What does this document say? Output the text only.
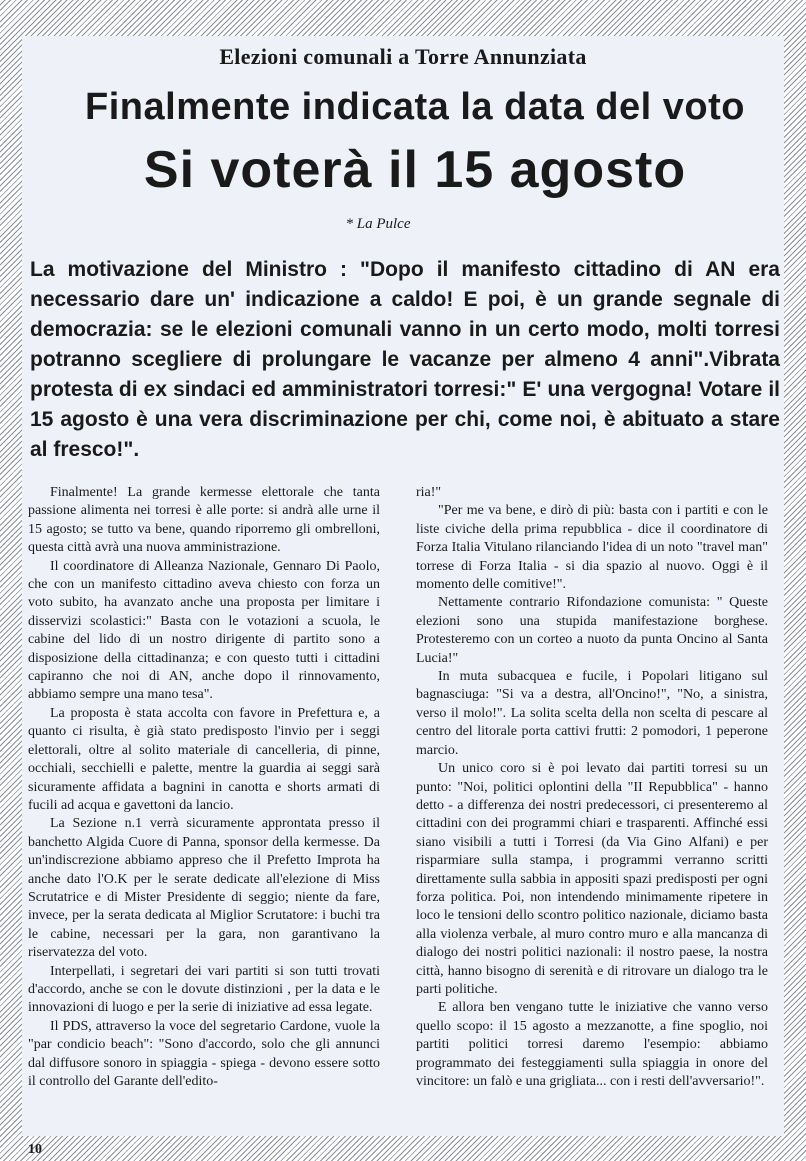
Elezioni comunali a Torre Annunziata
Finalmente indicata la data del voto
Si voterà il 15 agosto
* La Pulce
La motivazione del Ministro : "Dopo il manifesto cittadino di AN era necessario dare un' indicazione a caldo! E poi, è un grande segnale di democrazia: se le elezioni comunali vanno in un certo modo, molti torresi potranno scegliere di prolungare le vacanze per almeno 4 anni".Vibrata protesta di ex sindaci ed amministratori torresi:" E' una vergogna! Votare il 15 agosto è una vera discriminazione per chi, come noi, è abituato a stare al fresco!".

Finalmente! La grande kermesse elettorale che tanta passione alimenta nei torresi è alle porte: si andrà alle urne il 15 agosto; se tutto va bene, quando riporremo gli ombrelloni, questa città avrà una nuova amministrazione.

Il coordinatore di Alleanza Nazionale, Gennaro Di Paolo, che con un manifesto cittadino aveva chiesto con forza un voto subito, ha avanzato anche una proposta per limitare i disservizi scolastici:" Basta con le votazioni a scuola, le cabine del lido di un nostro dirigente di partito sono a disposizione della cittadinanza; e con questo tutti i cittadini capiranno che noi di AN, anche dopo il rinnovamento, abbiamo sempre una mano tesa".

La proposta è stata accolta con favore in Prefettura e, a quanto ci risulta, è già stato predisposto l'invio per i seggi elettorali, oltre al solito materiale di cancelleria, di pinne, occhiali, secchielli e palette, mentre la guardia ai seggi sarà sicuramente affidata a bagnini in canotta e shorts armati di fucili ad acqua e gavettoni da lancio.

La Sezione n.1 verrà sicuramente approntata presso il banchetto Algida Cuore di Panna, sponsor della kermesse. Da un'indiscrezione abbiamo appreso che il Prefetto Improta ha anche dato l'O.K per le serate dedicate all'elezione di Miss Scrutatrice e di Mister Presidente di seggio; niente da fare, invece, per la serata dedicata al Miglior Scrutatore: i buchi tra le cabine, necessari per la gara, non garantivano la riservatezza del voto.

Interpellati, i segretari dei vari partiti si son tutti trovati d'accordo, anche se con le dovute distinzioni , per la data e le innovazioni di luogo e per la serie di iniziative ad essa legate.

Il PDS, attraverso la voce del segretario Cardone, vuole la "par condicio beach": "Sono d'accordo, solo che gli annunci dal diffusore sonoro in spiaggia - spiega - devono essere sotto il controllo del Garante dell'edito-

ria!"

"Per me va bene, e dirò di più: basta con i partiti e con le liste civiche della prima repubblica - dice il coordinatore di Forza Italia Vitulano rilanciando l'idea di un noto "travel man" torrese di Forza Italia - si dia spazio al nuovo. Oggi è il momento delle comitive!".

Nettamente contrario Rifondazione comunista: " Queste elezioni sono una stupida manifestazione borghese. Protesteremo con un corteo a nuoto da punta Oncino al Santa Lucia!"

In muta subacquea e fucile, i Popolari litigano sul bagnasciuga: "Si va a destra, all'Oncino!", "No, a sinistra, verso il molo!". La solita scelta della non scelta di pescare al centro del litorale porta cattivi frutti: 2 pomodori, 1 peperone marcio.

Un unico coro si è poi levato dai partiti torresi su un punto: "Noi, politici oplontini della "II Repubblica" - hanno detto - a differenza dei nostri predecessori, ci presenteremo al cittadini con dei programmi chiari e trasparenti. Affinché essi siano visibili a tutti i Torresi (da Via Gino Alfani) e per risparmiare sulla stampa, i programmi verranno scritti direttamente sulla sabbia in appositi spazi predisposti per ogni forza politica. Poi, non intendendo minimamente ripetere in loco le tensioni dello scontro politico nazionale, diciamo basta alla violenza verbale, al muro contro muro e alla mancanza di dialogo dei nostri politici nazionali: il nostro paese, la nostra città, hanno bisogno di serenità e di ritrovare un dialogo tra le parti politiche.

E allora ben vengano tutte le iniziative che vanno verso quello scopo: il 15 agosto a mezzanotte, a fine spoglio, noi partiti politici torresi daremo l'esempio: abbiamo programmato dei festeggiamenti sulla spiaggia in onore del vincitore: un falò e una grigliata... con i resti dell'avversario!".

10
